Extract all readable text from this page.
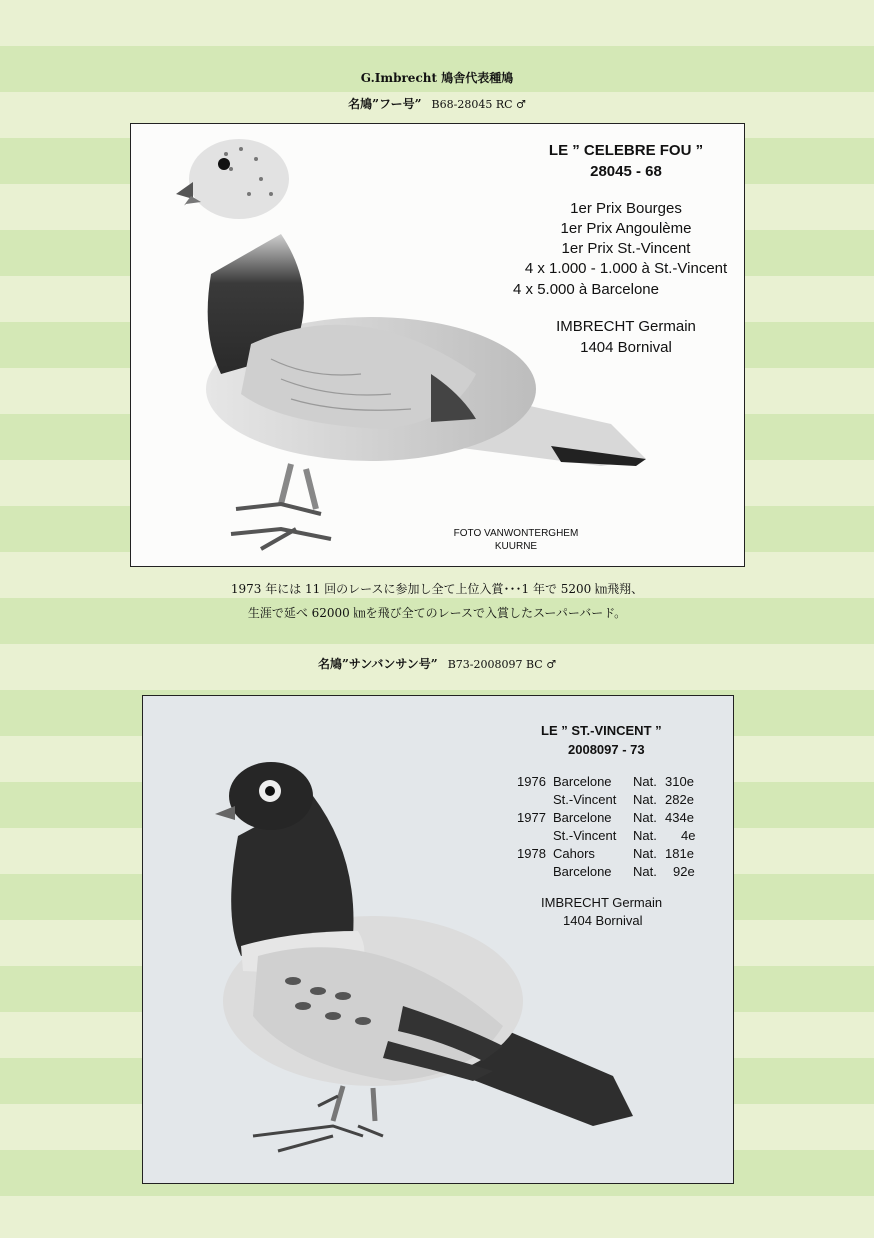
G.Imbrecht 鳩舎代表種鳩
名鳩”フー号” B68-28045 RC ♂
LE ” CELEBRE FOU ”
28045 - 68
1er Prix Bourges
1er Prix Angoulème
1er Prix St.-Vincent
4 x 1.000 - 1.000 à St.-Vincent
4 x 5.000 à Barcelone
IMBRECHT Germain
1404 Bornival
FOTO VANWONTERGHEM
KUURNE
1973 年には 11 回のレースに参加し全て上位入賞･･･1 年で 5200 ㎞飛翔、
生涯で延べ 62000 ㎞を飛び全てのレースで入賞したスーパーバード。
名鳩”サンバンサン号” B73-2008097 BC ♂
LE ” ST.-VINCENT ”
2008097 - 73
1976 Barcelone Nat. 310e
St.-Vincent Nat. 282e
1977 Barcelone Nat. 434e
St.-Vincent Nat. 4e
1978 Cahors	Nat. 181e
Barcelone Nat. 92e
IMBRECHT Germain
1404 Bornival
